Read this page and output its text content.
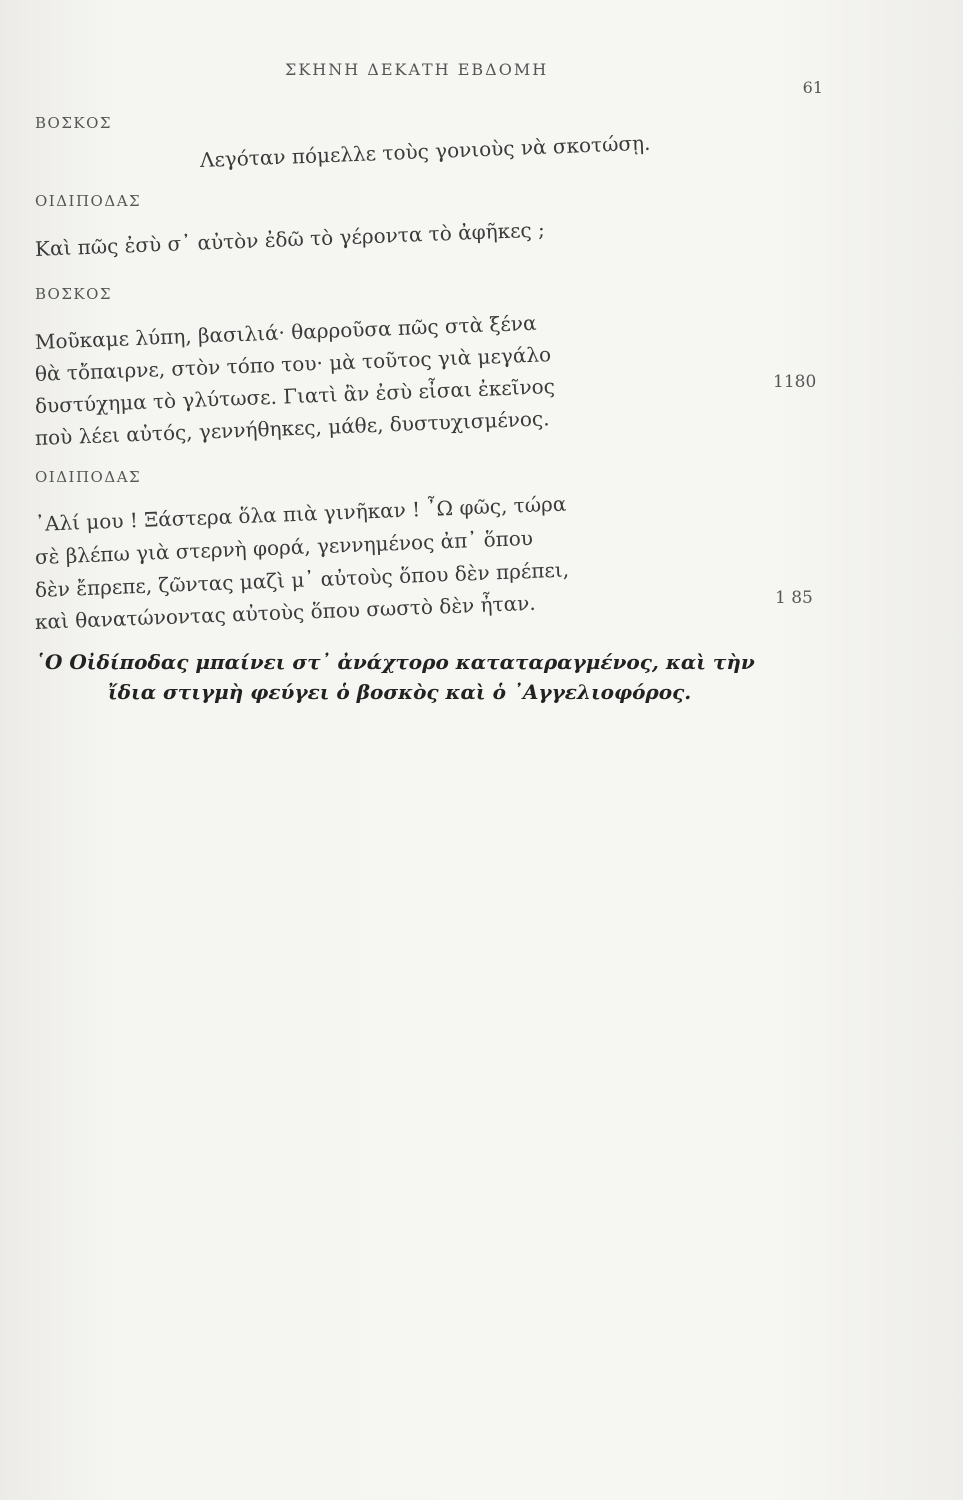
ΣΚΗΝΗ ΔΕΚΑΤΗ ΕΒΔΟΜΗ
61
ΒΟΣΚΟΣ
Λεγόταν πόμελλε τοὺς γονιοὺς νὰ σκοτώσῃ.
ΟΙΔΙΠΟΔΑΣ
Καὶ πῶς ἐσὺ σ᾿ αὐτὸν ἐδῶ τὸ γέροντα τὸ ἀφῆκες ;
ΒΟΣΚΟΣ
Μοῦκαμε λύπη, βασιλιά· θαρροῦσα πῶς στὰ ξένα
θὰ τὄπαιρνε, στὸν τόπο του· μὰ τοῦτος γιὰ μεγάλο
δυστύχημα τὸ γλύτωσε. Γιατὶ ἂν ἐσὺ εἶσαι ἐκεῖνος
ποὺ λέει αὐτός, γεννήθηκες, μάθε, δυστυχισμένος.
1180
ΟΙΔΙΠΟΔΑΣ
᾿Αλί μου ! Ξάστερα ὅλα πιὰ γινῆκαν ! ῏Ω φῶς, τώρα
σὲ βλέπω γιὰ στερνὴ φορά, γεννημένος ἀπ᾿ ὅπου
δὲν ἔπρεπε, ζῶντας μαζὶ μ᾿ αὐτοὺς ὅπου δὲν πρέπει,
καὶ θανατώνοντας αὐτοὺς ὅπου σωστὸ δὲν ἦταν.	1 85
῾Ο Οἰδίποδας μπαίνει στ᾿ ἀνάχτορο καταταραγμένος, καὶ τὴν
ἴδια στιγμὴ φεύγει ὁ βοσκὸς καὶ ὁ ᾿Αγγελιοφόρος.
